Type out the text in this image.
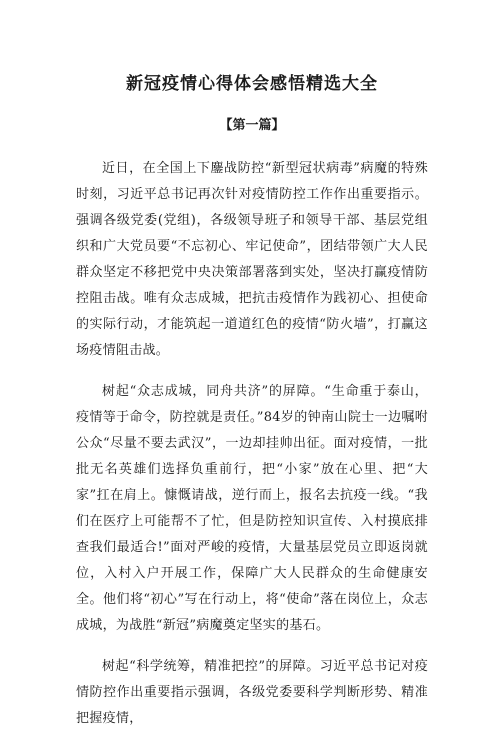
新冠疫情心得体会感悟精选大全
【第一篇】

近日，在全国上下鏖战防控“新型冠状病毒”病魔的特殊时刻，习近平总书记再次针对疫情防控工作作出重要指示。强调各级党委(党组)，各级领导班子和领导干部、基层党组织和广大党员要“不忘初心、牢记使命”，团结带领广大人民群众坚定不移把党中央决策部署落到实处，坚决打赢疫情防控阻击战。唯有众志成城，把抗击疫情作为践初心、担使命的实际行动，才能筑起一道道红色的疫情“防火墙”，打赢这场疫情阻击战。

树起“众志成城，同舟共济”的屏障。“生命重于泰山，疫情等于命令，防控就是责任。”84岁的钟南山院士一边嘱咐公众“尽量不要去武汉”，一边却挂帅出征。面对疫情，一批批无名英雄们选择负重前行，把“小家”放在心里、把“大家”扛在肩上。慷慨请战，逆行而上，报名去抗疫一线。“我们在医疗上可能帮不了忙，但是防控知识宣传、入村摸底排查我们最适合!”面对严峻的疫情，大量基层党员立即返岗就位，入村入户开展工作，保障广大人民群众的生命健康安全。他们将“初心”写在行动上，将“使命”落在岗位上，众志成城，为战胜“新冠”病魔奠定坚实的基石。

树起“科学统筹，精准把控”的屏障。习近平总书记对疫情防控作出重要指示强调，各级党委要科学判断形势、精准把握疫情，
